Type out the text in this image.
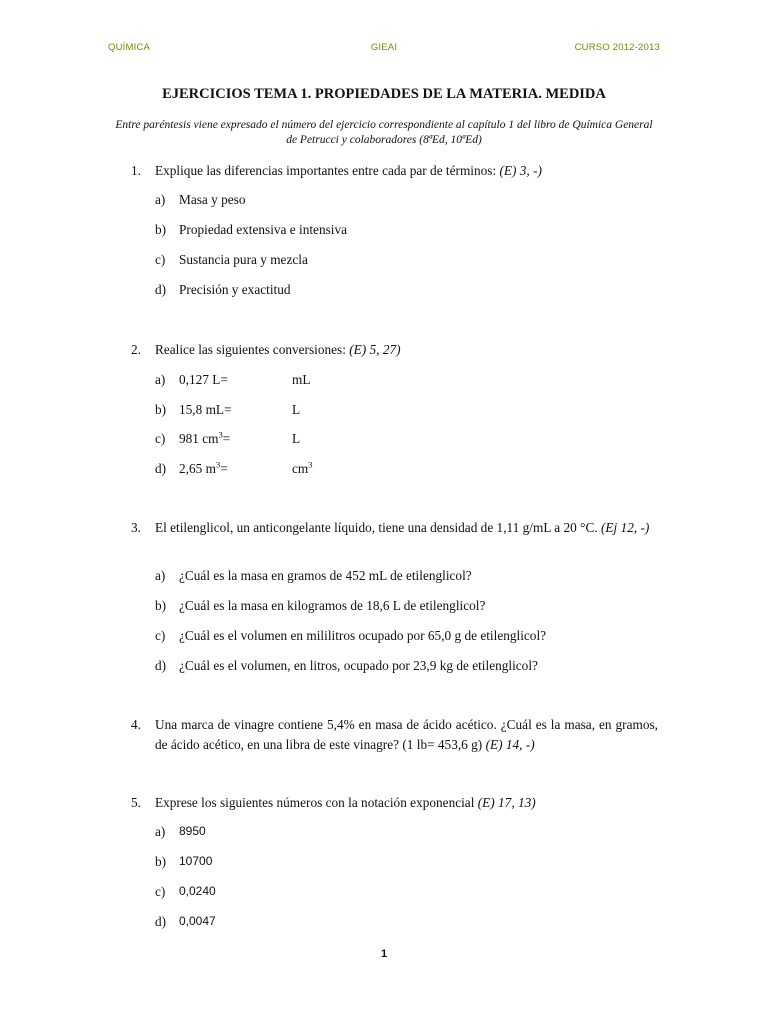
QUÍMICA	GIEAI	CURSO 2012-2013
EJERCICIOS TEMA 1. PROPIEDADES DE LA MATERIA. MEDIDA
Entre paréntesis viene expresado el número del ejercicio correspondiente al capítulo 1 del libro de Química General de Petrucci y colaboradores (8ªEd, 10ªEd)
1. Explique las diferencias importantes entre cada par de términos: (E) 3, -)
a) Masa y peso
b) Propiedad extensiva e intensiva
c) Sustancia pura y mezcla
d) Precisión y exactitud
2. Realice las siguientes conversiones: (E) 5, 27)
a) 0,127 L=	mL
b) 15,8 mL=	L
c) 981 $cm^3=$	L
d) 2,65 $m^3=$	$cm^3$
3. El etilenglicol, un anticongelante líquido, tiene una densidad de 1,11 g/mL a 20 °C. (Ej 12, -)
a) ¿Cuál es la masa en gramos de 452 mL de etilenglicol?
b) ¿Cuál es la masa en kilogramos de 18,6 L de etilenglicol?
c) ¿Cuál es el volumen en mililitros ocupado por 65,0 g de etilenglicol?
d) ¿Cuál es el volumen, en litros, ocupado por 23,9 kg de etilenglicol?
4. Una marca de vinagre contiene 5,4% en masa de ácido acético. ¿Cuál es la masa, en gramos, de ácido acético, en una libra de este vinagre? (1 lb= 453,6 g) (E) 14, -)
5. Exprese los siguientes números con la notación exponencial (E) 17, 13)
a) 8950
b) 10700
c) 0,0240
d) 0,0047
1
